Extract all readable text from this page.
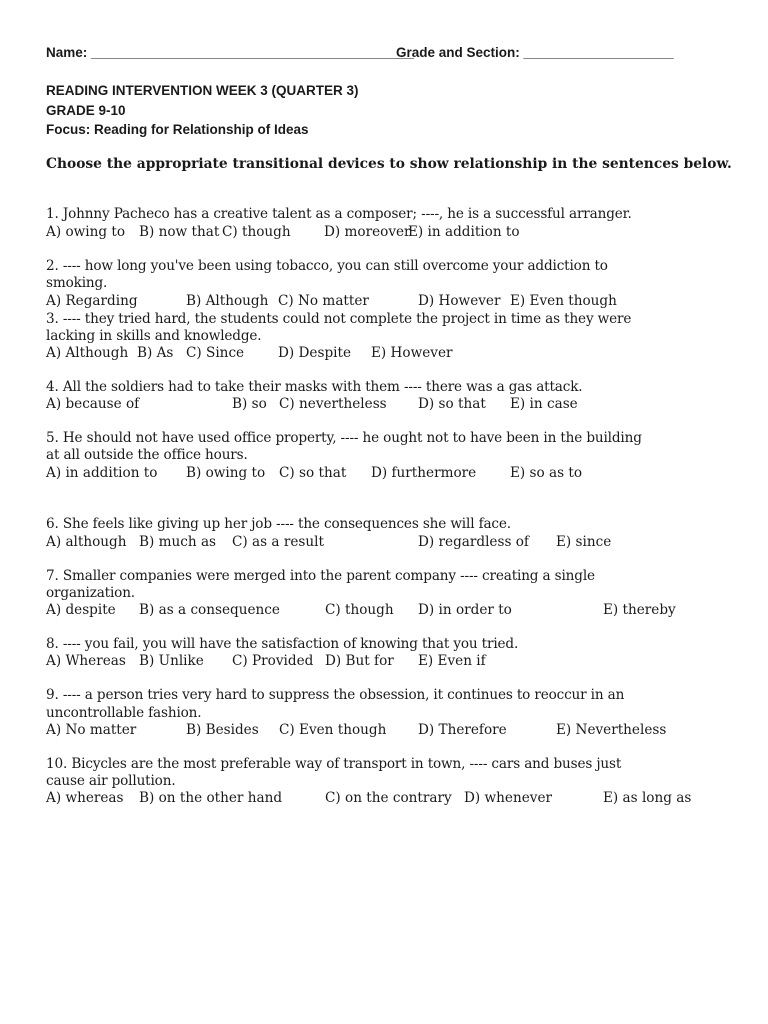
Name: ___________________________________________
Grade and Section: ____________________
READING INTERVENTION WEEK 3 (QUARTER 3)
GRADE 9-10
Focus: Reading for Relationship of Ideas
Choose the appropriate transitional devices to show relationship in the sentences below.
1. Johnny Pacheco has a creative talent as a composer; ----, he is a successful arranger.
A) owing to B) now that C) though D) moreover
E) in addition to
2. ---- how long you've been using tobacco, you can still overcome your addiction to
smoking.
A) Regarding	B) Although C) No matter	D) However E) Even though
3. ---- they tried hard, the students could not complete the project in time as they were
lacking in skills and knowledge.
A) Although B) As C) Since D) Despite E) However
4. All the soldiers had to take their masks with them ---- there was a gas attack.
A) because of	B) so C) nevertheless D) so that E) in case
5. He should not have used office property, ---- he ought not to have been in the building
at all outside the office hours.
A) in addition to B) owing to C) so that D) furthermore E) so as to
6. She feels like giving up her job ---- the consequences she will face.
A) although B) much as C) as a result	D) regardless of E) since
7. Smaller companies were merged into the parent company ---- creating a single
organization.
A) despite B) as a consequence	C) though D) in order to	E) thereby
8. ---- you fail, you will have the satisfaction of knowing that you tried.
A) Whereas B) Unlike C) Provided D) But for E) Even if
9. ---- a person tries very hard to suppress the obsession, it continues to reoccur in an
uncontrollable fashion.
A) No matter	B) Besides C) Even though D) Therefore	E) Nevertheless
10. Bicycles are the most preferable way of transport in town, ---- cars and buses just
cause air pollution.
A) whereas B) on the other hand	C) on the contrary D) whenever	E) as long as
